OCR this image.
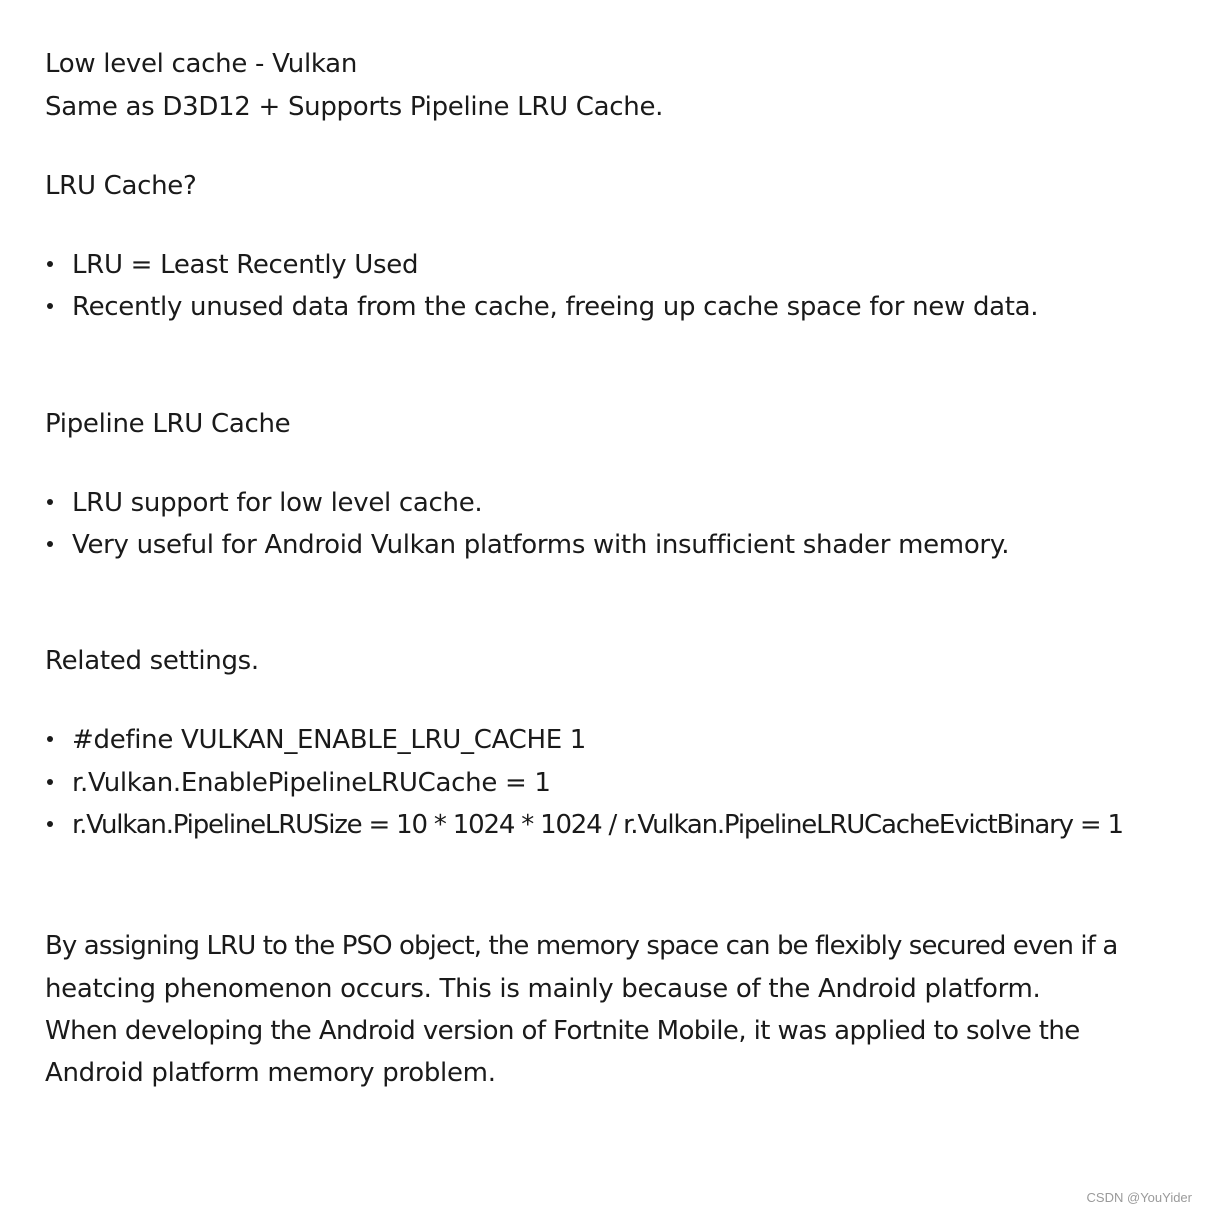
Low level cache - Vulkan
Same as D3D12 + Supports Pipeline LRU Cache.
LRU Cache?
LRU = Least Recently Used
Recently unused data from the cache, freeing up cache space for new data.
Pipeline LRU Cache
LRU support for low level cache.
Very useful for Android Vulkan platforms with insufficient shader memory.
Related settings.
#define VULKAN_ENABLE_LRU_CACHE 1
r.Vulkan.EnablePipelineLRUCache = 1
r.Vulkan.PipelineLRUSize = 10 * 1024 * 1024 / r.Vulkan.PipelineLRUCacheEvictBinary = 1
By assigning LRU to the PSO object, the memory space can be flexibly secured even if a
heatcing phenomenon occurs. This is mainly because of the Android platform.
When developing the Android version of Fortnite Mobile, it was applied to solve the
Android platform memory problem.
CSDN @YouYider
